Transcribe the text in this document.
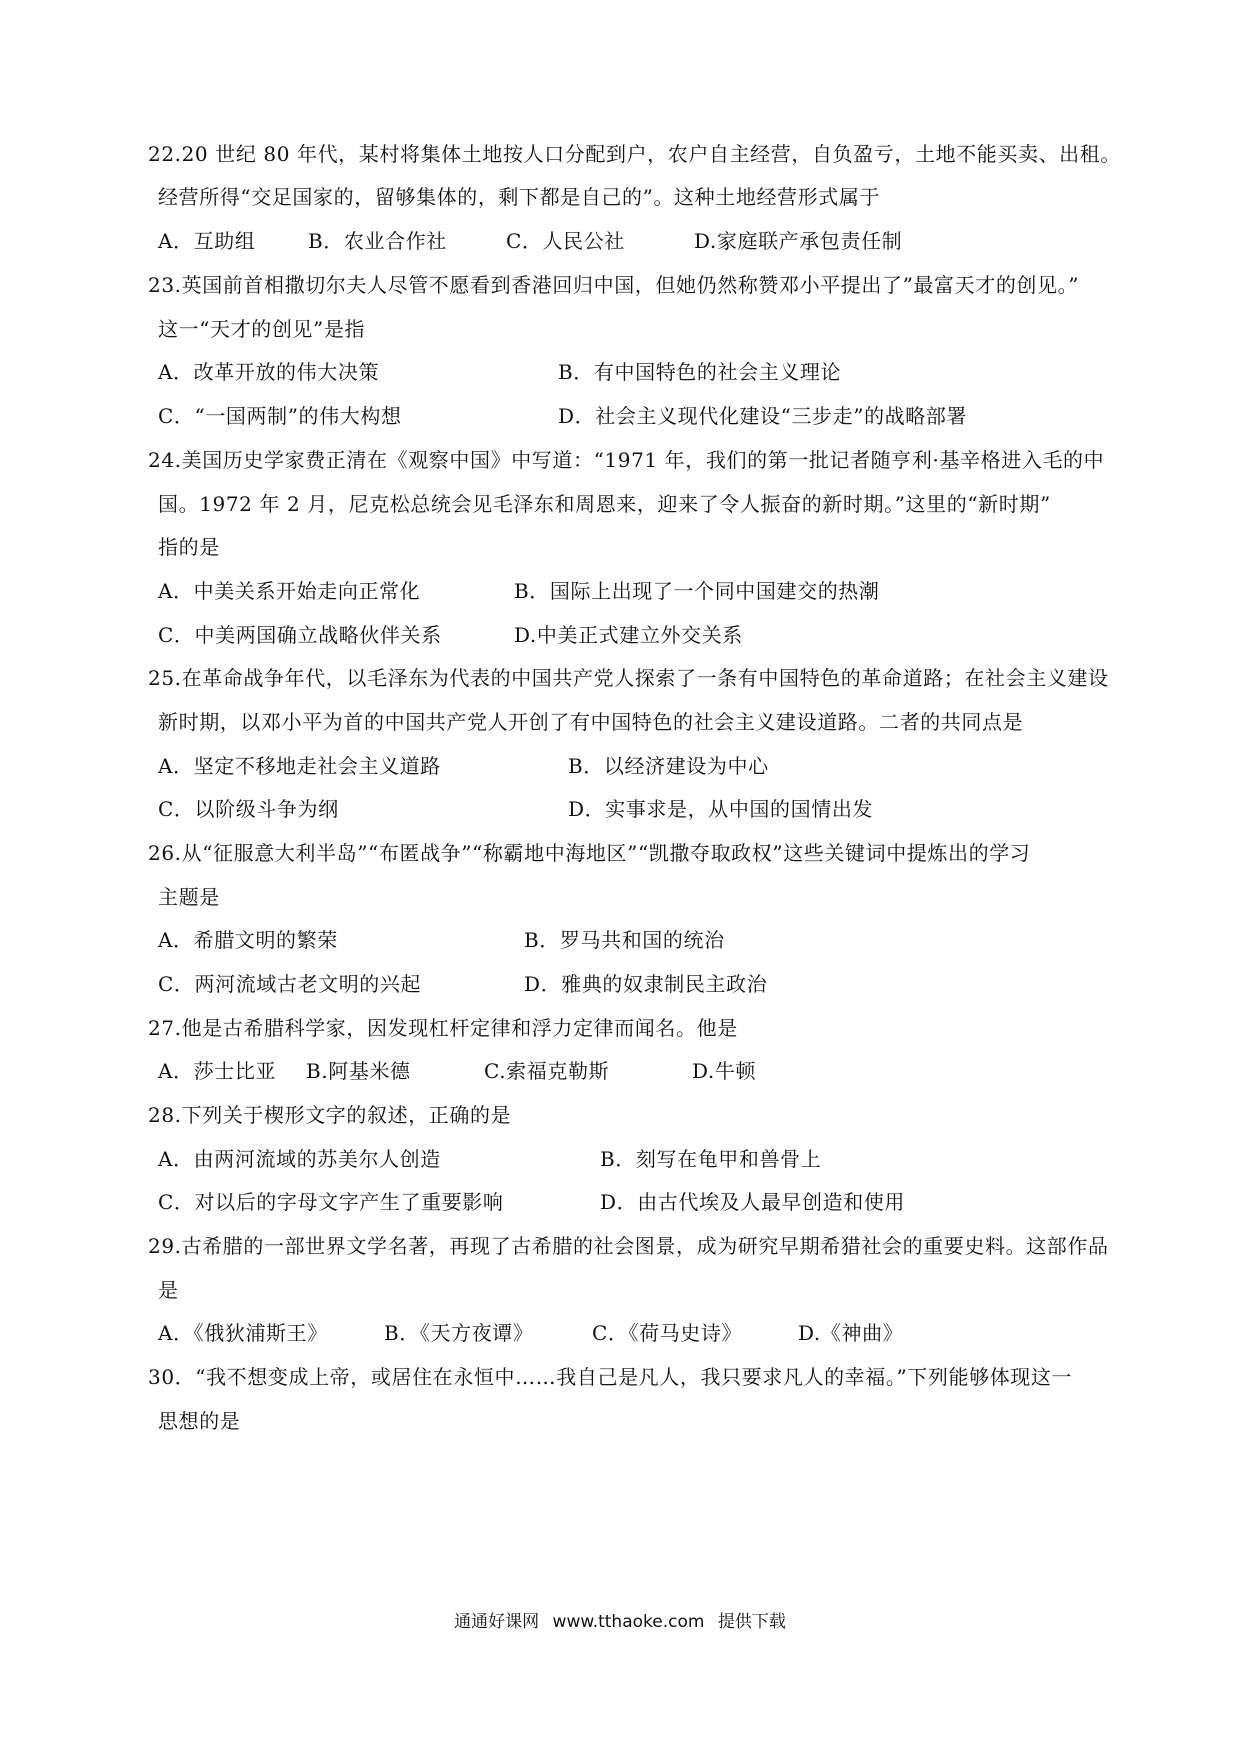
22.20 世纪 80 年代，某村将集体土地按人口分配到户，农户自主经营，自负盈亏，土地不能买卖、出租。
经营所得“交足国家的，留够集体的，剩下都是自己的”。这种土地经营形式属于
A．互助组	B．农业合作社	C．人民公社	D.家庭联产承包责任制
23.英国前首相撒切尔夫人尽管不愿看到香港回归中国，但她仍然称赞邓小平提出了”最富天才的创见。”
这一“天才的创见”是指
A．改革开放的伟大决策	B．有中国特色的社会主义理论
C．“一国两制”的伟大构想	D．社会主义现代化建设“三步走”的战略部署
24.美国历史学家费正清在《观察中国》中写道：“1971 年，我们的第一批记者随亨利·基辛格进入毛的中
国。1972 年 2 月，尼克松总统会见毛泽东和周恩来，迎来了令人振奋的新时期。”这里的“新时期”
指的是
A．中美关系开始走向正常化	B．国际上出现了一个同中国建交的热潮
C．中美两国确立战略伙伴关系	D.中美正式建立外交关系
25.在革命战争年代，以毛泽东为代表的中国共产党人探索了一条有中国特色的革命道路；在社会主义建设
新时期，以邓小平为首的中国共产党人开创了有中国特色的社会主义建设道路。二者的共同点是
A．坚定不移地走社会主义道路	B．以经济建设为中心
C．以阶级斗争为纲	D．实事求是，从中国的国情出发
26.从“征服意大利半岛”“布匿战争”“称霸地中海地区”“凯撒夺取政权”这些关键词中提炼出的学习
主题是
A．希腊文明的繁荣	B．罗马共和国的统治
C．两河流域古老文明的兴起	D．雅典的奴隶制民主政治
27.他是古希腊科学家，因发现杠杆定律和浮力定律而闻名。他是
A．莎士比亚 B.阿基米德	C.索福克勒斯	D.牛顿
28.下列关于楔形文字的叙述，正确的是
A．由两河流域的苏美尔人创造	B．刻写在龟甲和兽骨上
C．对以后的字母文字产生了重要影响	D．由古代埃及人最早创造和使用
29.古希腊的一部世界文学名著，再现了古希腊的社会图景，成为研究早期希猎社会的重要史料。这部作品
是
A．《俄狄浦斯王》	B．《天方夜谭》	C．《荷马史诗》	D.《神曲》
30．“我不想变成上帝，或居住在永恒中……我自己是凡人，我只要求凡人的幸福。”下列能够体现这一
思想的是
通通好课网 www.tthaoke.com 提供下载
